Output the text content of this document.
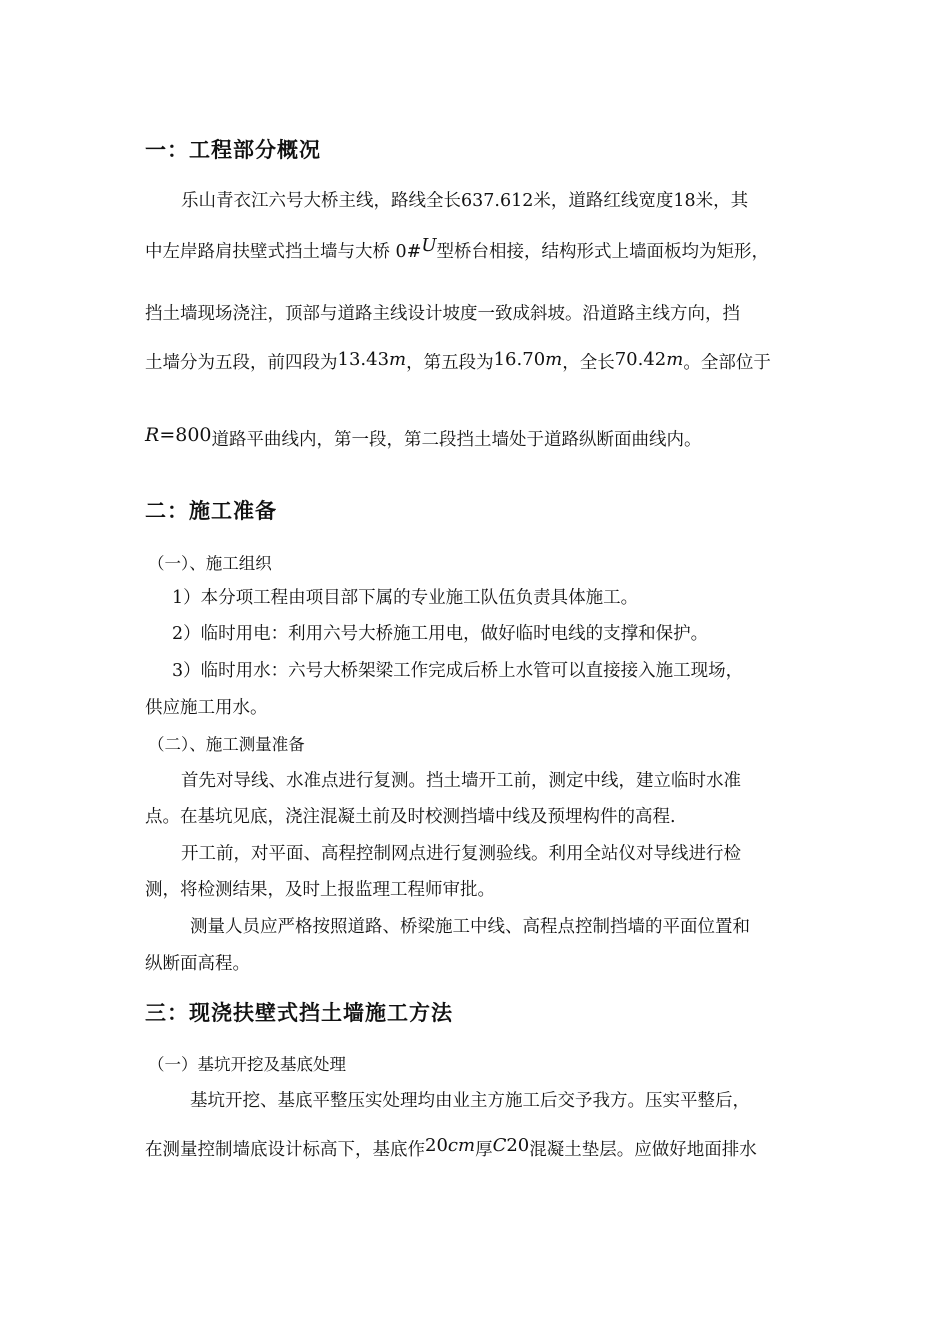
一：工程部分概况
乐山青衣江六号大桥主线，路线全长637.612米，道路红线宽度18米，其
中左岸路肩扶壁式挡土墙与大桥 0#U型桥台相接，结构形式上墙面板均为矩形，
挡土墙现场浇注，顶部与道路主线设计坡度一致成斜坡。沿道路主线方向，挡
土墙分为五段，前四段为13.43m，第五段为16.70m，全长70.42m。全部位于
R=800道路平曲线内，第一段，第二段挡土墙处于道路纵断面曲线内。
二：施工准备
（一）、施工组织
1）本分项工程由项目部下属的专业施工队伍负责具体施工。
2）临时用电：利用六号大桥施工用电，做好临时电线的支撑和保护。
3）临时用水：六号大桥架梁工作完成后桥上水管可以直接接入施工现场，
供应施工用水。
（二）、施工测量准备
首先对导线、水准点进行复测。挡土墙开工前，测定中线，建立临时水准
点。在基坑见底，浇注混凝土前及时校测挡墙中线及预埋构件的高程.
开工前，对平面、高程控制网点进行复测验线。利用全站仪对导线进行检
测，将检测结果，及时上报监理工程师审批。
测量人员应严格按照道路、桥梁施工中线、高程点控制挡墙的平面位置和
纵断面高程。
三：现浇扶壁式挡土墙施工方法
（一）基坑开挖及基底处理
基坑开挖、基底平整压实处理均由业主方施工后交予我方。压实平整后，
在测量控制墙底设计标高下，基底作20cm厚C20混凝土垫层。应做好地面排水
